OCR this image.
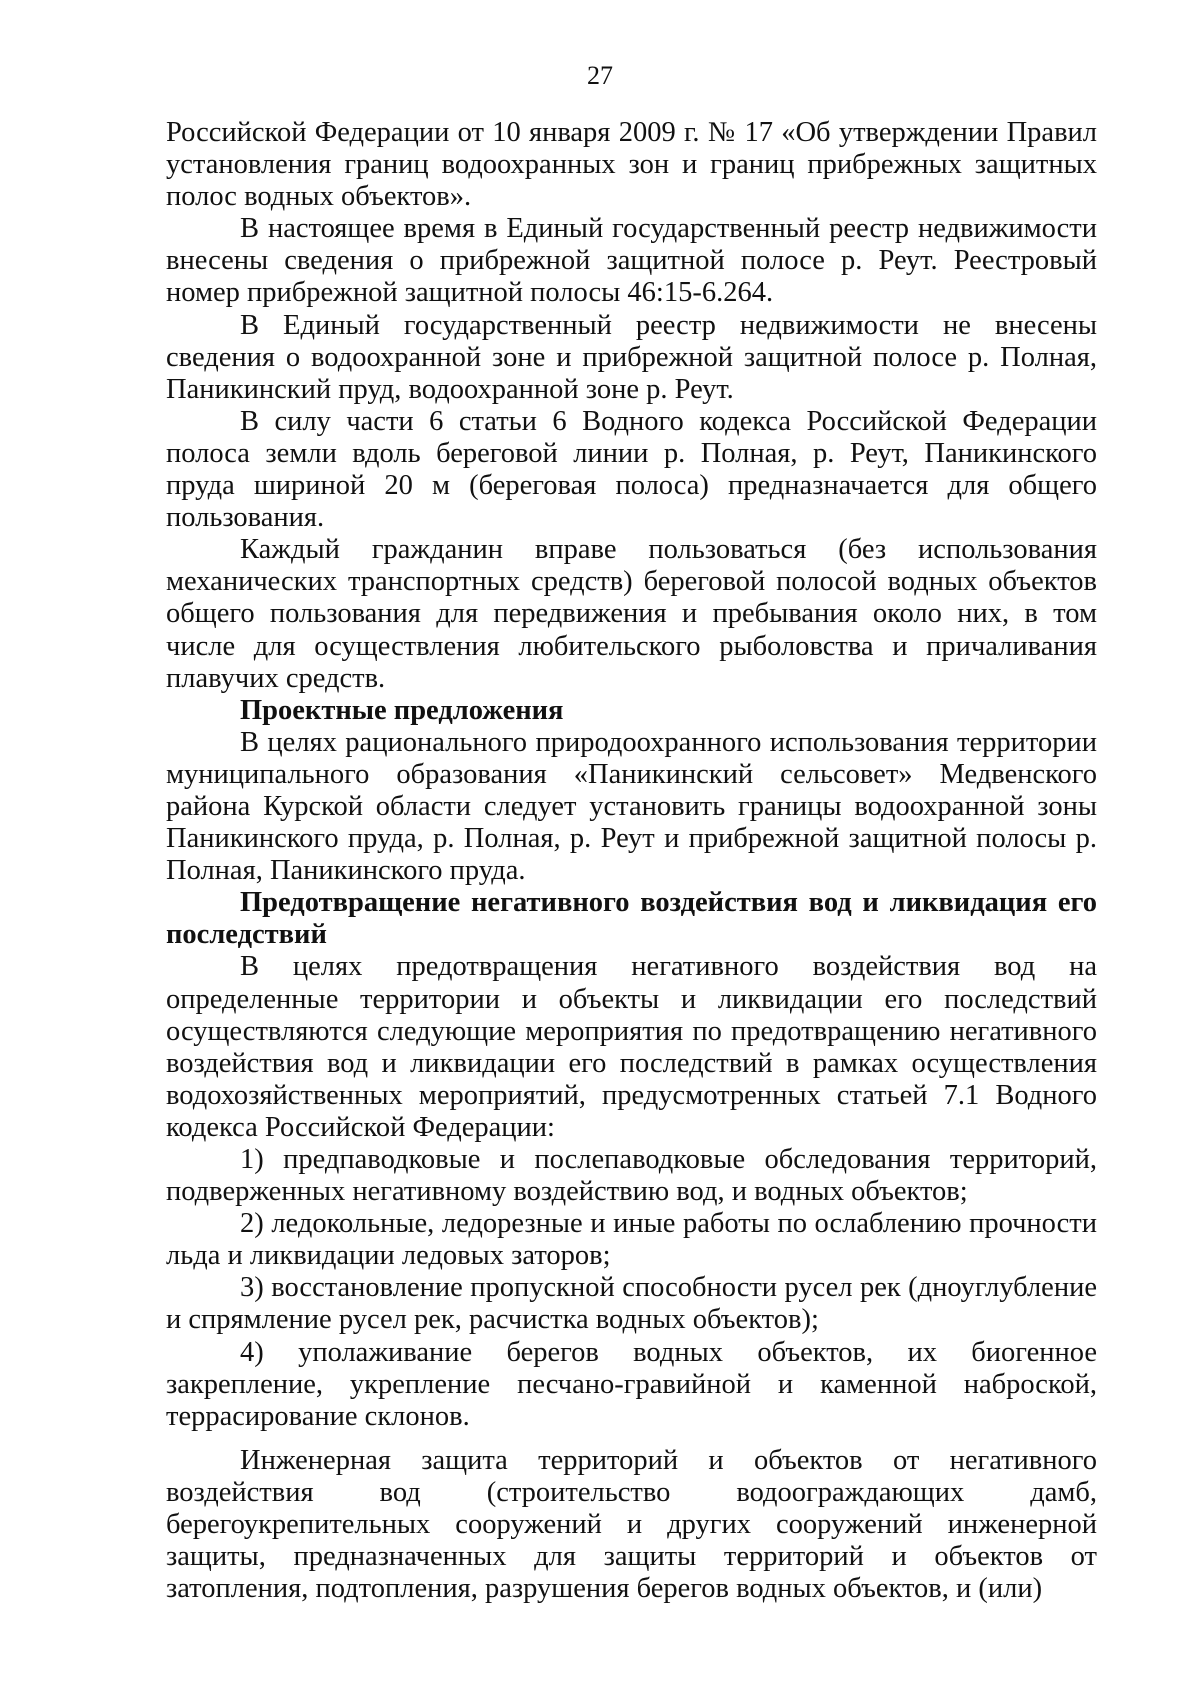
27

Российской Федерации от 10 января 2009 г. № 17 «Об утверждении Правил установления границ водоохранных зон и границ прибрежных защитных полос водных объектов».

В настоящее время в Единый государственный реестр недвижимости внесены сведения о прибрежной защитной полосе р. Реут. Реестровый номер прибрежной защитной полосы 46:15-6.264.

В Единый государственный реестр недвижимости не внесены сведения о водоохранной зоне и прибрежной защитной полосе р. Полная, Паникинский пруд, водоохранной зоне р. Реут.

В силу части 6 статьи 6 Водного кодекса Российской Федерации полоса земли вдоль береговой линии р. Полная, р. Реут, Паникинского пруда шириной 20 м (береговая полоса) предназначается для общего пользования.

Каждый гражданин вправе пользоваться (без использования механических транспортных средств) береговой полосой водных объектов общего пользования для передвижения и пребывания около них, в том числе для осуществления любительского рыболовства и причаливания плавучих средств.

Проектные предложения

В целях рационального природоохранного использования территории муниципального образования «Паникинский сельсовет» Медвенского района Курской области следует установить границы водоохранной зоны Паникинского пруда, р. Полная, р. Реут и прибрежной защитной полосы р. Полная, Паникинского пруда.

Предотвращение негативного воздействия вод и ликвидация его последствий

В целях предотвращения негативного воздействия вод на определенные территории и объекты и ликвидации его последствий осуществляются следующие мероприятия по предотвращению негативного воздействия вод и ликвидации его последствий в рамках осуществления водохозяйственных мероприятий, предусмотренных статьей 7.1 Водного кодекса Российской Федерации:

1) предпаводковые и послепаводковые обследования территорий, подверженных негативному воздействию вод, и водных объектов;

2) ледокольные, ледорезные и иные работы по ослаблению прочности льда и ликвидации ледовых заторов;

3) восстановление пропускной способности русел рек (дноуглубление и спрямление русел рек, расчистка водных объектов);

4) уполаживание берегов водных объектов, их биогенное закрепление, укрепление песчано-гравийной и каменной наброской, террасирование склонов.

Инженерная защита территорий и объектов от негативного воздействия вод (строительство водоограждающих дамб, берегоукрепительных сооружений и других сооружений инженерной защиты, предназначенных для защиты территорий и объектов от затопления, подтопления, разрушения берегов водных объектов, и (или)
